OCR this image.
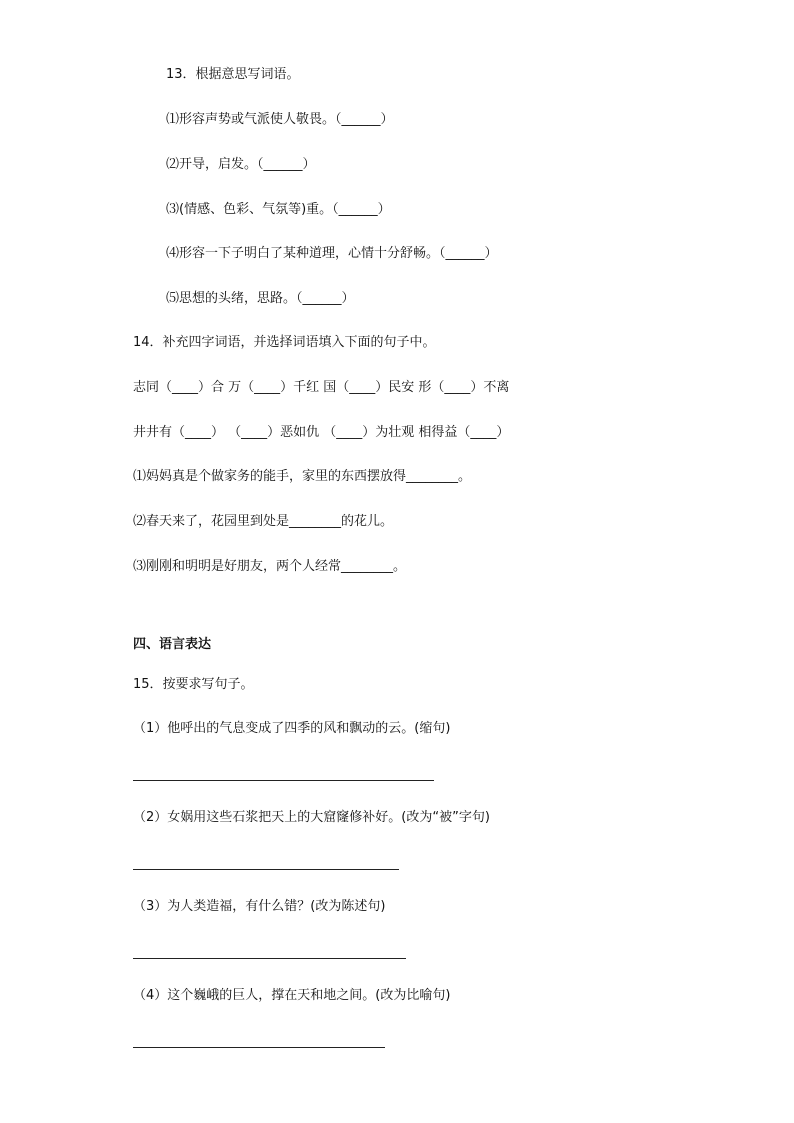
13．根据意思写词语。
⑴形容声势或气派使人敬畏。（______）
⑵开导，启发。（______）
⑶(情感、色彩、气氛等)重。（______）
⑷形容一下子明白了某种道理，心情十分舒畅。（______）
⑸思想的头绪，思路。（______）
14．补充四字词语，并选择词语填入下面的句子中。
志同（____）合 万（____）千红 国（____）民安 形（____）不离
井井有（____） （____）恶如仇 （____）为壮观 相得益（____）
⑴妈妈真是个做家务的能手，家里的东西摆放得________。
⑵春天来了，花园里到处是________的花儿。
⑶刚刚和明明是好朋友，两个人经常________。
四、语言表达
15．按要求写句子。
（1）他呼出的气息变成了四季的风和飘动的云。(缩句)
（2）女娲用这些石浆把天上的大窟窿修补好。(改为“被”字句)
（3）为人类造福，有什么错？(改为陈述句)
（4）这个巍峨的巨人，撑在天和地之间。(改为比喻句)
